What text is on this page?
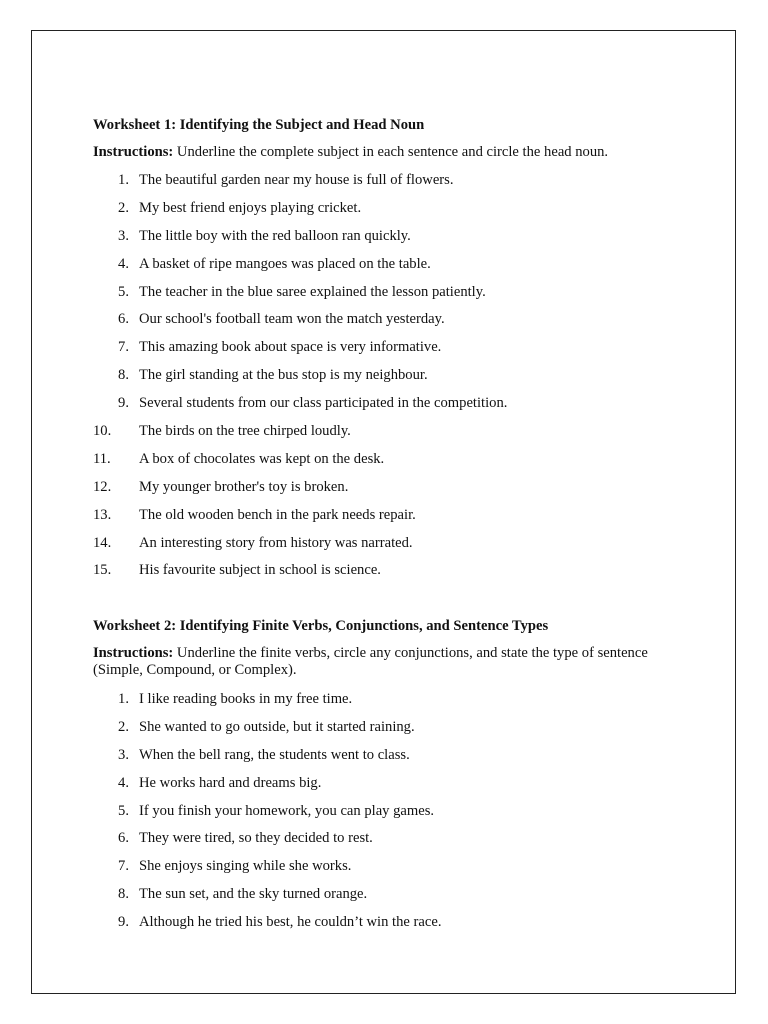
Worksheet 1: Identifying the Subject and Head Noun
Instructions: Underline the complete subject in each sentence and circle the head noun.
1. The beautiful garden near my house is full of flowers.
2. My best friend enjoys playing cricket.
3. The little boy with the red balloon ran quickly.
4. A basket of ripe mangoes was placed on the table.
5. The teacher in the blue saree explained the lesson patiently.
6. Our school's football team won the match yesterday.
7. This amazing book about space is very informative.
8. The girl standing at the bus stop is my neighbour.
9. Several students from our class participated in the competition.
10. The birds on the tree chirped loudly.
11. A box of chocolates was kept on the desk.
12. My younger brother's toy is broken.
13. The old wooden bench in the park needs repair.
14. An interesting story from history was narrated.
15. His favourite subject in school is science.
Worksheet 2: Identifying Finite Verbs, Conjunctions, and Sentence Types
Instructions: Underline the finite verbs, circle any conjunctions, and state the type of sentence (Simple, Compound, or Complex).
1. I like reading books in my free time.
2. She wanted to go outside, but it started raining.
3. When the bell rang, the students went to class.
4. He works hard and dreams big.
5. If you finish your homework, you can play games.
6. They were tired, so they decided to rest.
7. She enjoys singing while she works.
8. The sun set, and the sky turned orange.
9. Although he tried his best, he couldn’t win the race.
